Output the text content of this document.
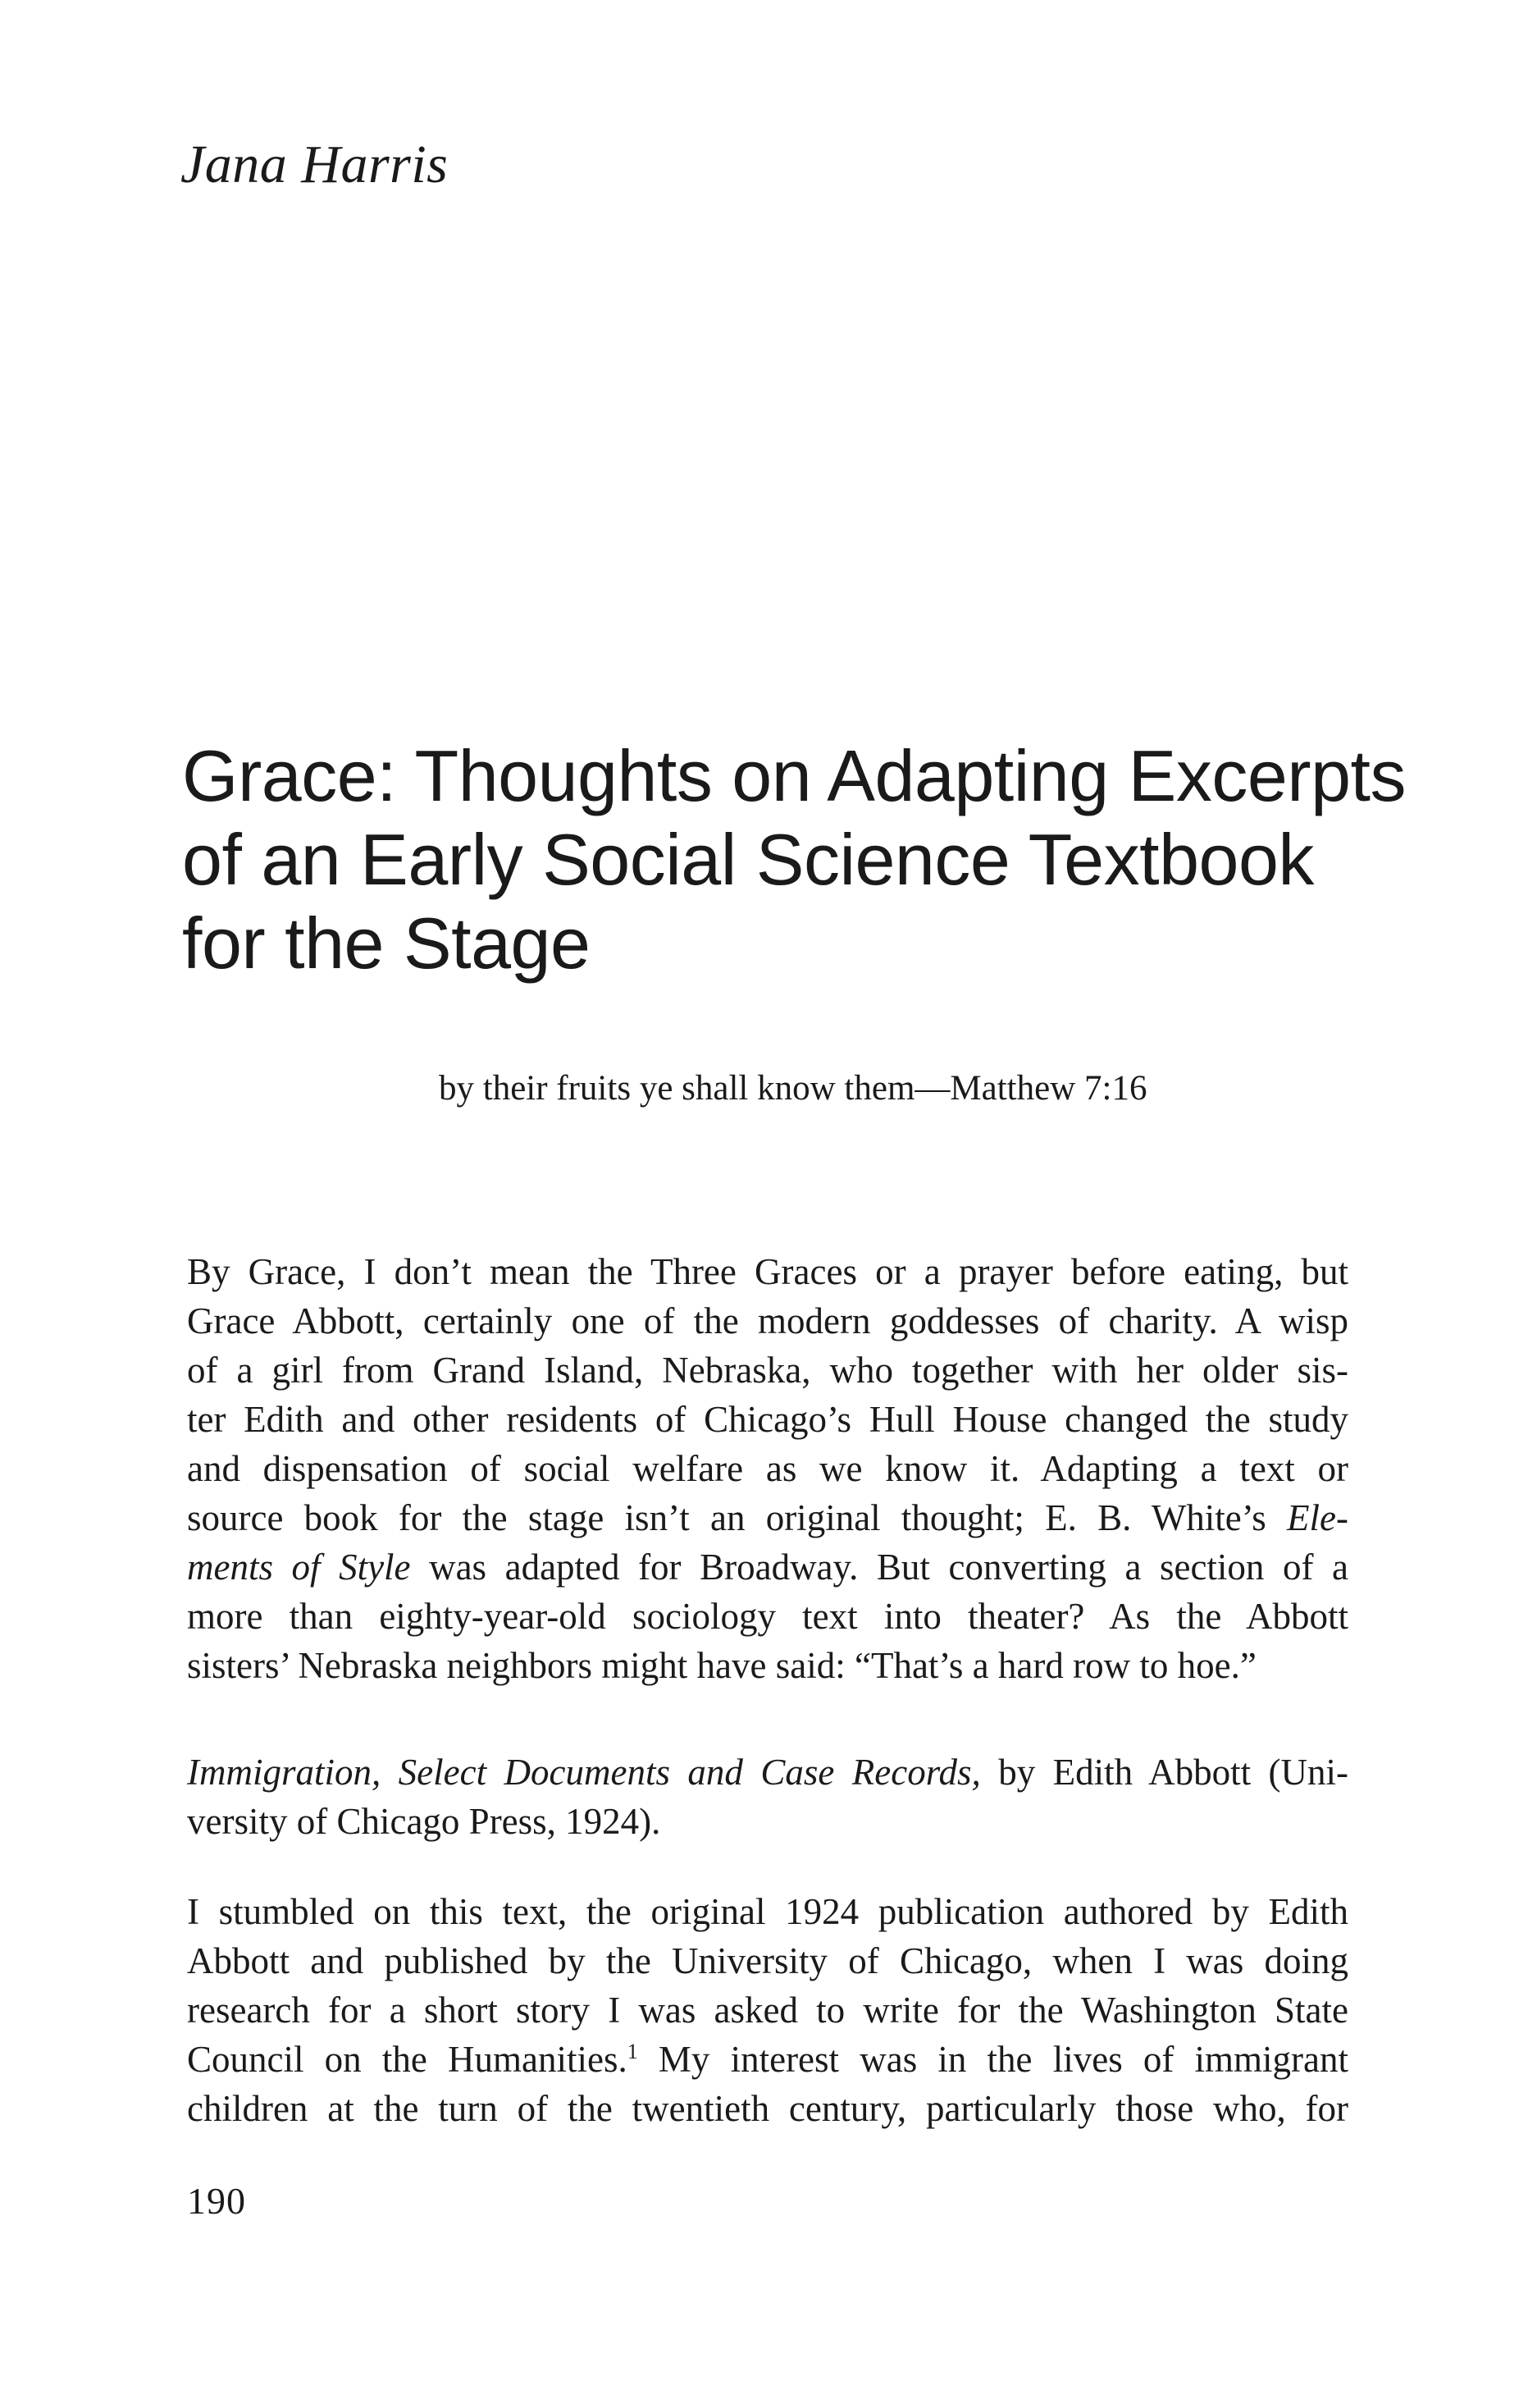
Jana Harris
Grace: Thoughts on Adapting Excerpts
of an Early Social Science Textbook
for the Stage
by their fruits ye shall know them—Matthew 7:16

By Grace, I don’t mean the Three Graces or a prayer before eating, but
Grace Abbott, certainly one of the modern goddesses of charity. A wisp
of a girl from Grand Island, Nebraska, who together with her older sis-
ter Edith and other residents of Chicago’s Hull House changed the study
and dispensation of social welfare as we know it. Adapting a text or
source book for the stage isn’t an original thought; E. B. White’s Ele-
ments of Style was adapted for Broadway. But converting a section of a
more than eighty-year-old sociology text into theater? As the Abbott
sisters’ Nebraska neighbors might have said: “That’s a hard row to hoe.”

Immigration, Select Documents and Case Records, by Edith Abbott (Uni-
versity of Chicago Press, 1924).

I stumbled on this text, the original 1924 publication authored by Edith
Abbott and published by the University of Chicago, when I was doing
research for a short story I was asked to write for the Washington State
Council on the Humanities.$^1$ My interest was in the lives of immigrant
children at the turn of the twentieth century, particularly those who, for

190
